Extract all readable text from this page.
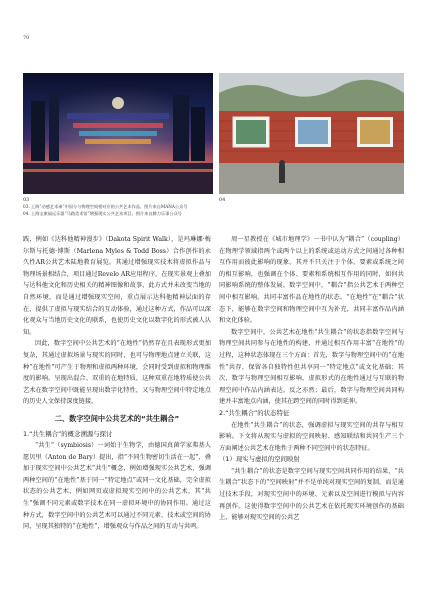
70
03	04
03. 上海“动感艺术乘”中国分与物理空间相对应的公共艺术作品。图片来自MANA公众号
04. 上海宝康福远乐器“马路美术馆”增强现实公共艺术项目。图片来自腾力乐事公众号

践，例如《达科他精神漫步》（Dakota Spirit Walk），是玛琳娜·梅尔斯与托德·博斯（Marlena Myles & Todd Boss）合作创作的永久性AR公共艺术陆地教育展览。其通过增强现实技术将虚拟作品与物理场景相结合，项目通过Revelo AR应用程序，在现实景观上叠加与达科他文化和历史相关的精神图像和故事，此方式并未改变当地的自然环境，而是通过增强现实空间，重点展示达科他精神层面的存在，提供了虚拟与现实结合的互动体验，通过这种方式，作品可以深化观众与当地历史文化的联系，也使历史文化以数字化的形式被人认知。

因此，数字空间中公共艺术的“在地性”仍然存在且表现形式更加复杂，其通过虚拟场景与现实的同时，也可与物理地点建立关联，这种“在地性”可产生于物理和虚拟两种环境，会同时受到虚拟和物理维度的影响。呈现出混合、双重的在地特质，这种双重在地特质使公共艺术在数字空间中既能呈现出数字化特性，又与物理空间中特定地点的历史人文保持深度链接。

二、数字空间中公共艺术的“共生耦合”

1.“共生耦合”的概念溯源与探讨

“共生”（symbiosis）一词始于生物学，由德国真菌学家弗基人愿贝里（Anton de Bary）提出，指“不同生物密切生活在一起”，叠加于现实空间中公共艺术“共生”概念，例如增强现实公共艺术，强调两种空间的“在地性”基于同一“特定地点”或同一文化基础，完全虚拟状态的公共艺术，例如网页或虚拟现实空间中的公共艺术，其“共生”强调不同元素或数字技术在同一虚拟环境中的协同作用。通过这种方式，数字空间中的公共艺术可以通过不同元素、技术或空间的协同，呈现其独特的“在地性”，增强观众与作品之间的互动与共鸣。

周一星教授在《城市地理学》一书中认为“耦合”（coupling）在物理学领域指两个或两个以上的系统或运动方式之间通过各种相互作用而彼此影响的现象。其并不只关注于个体，要素或系统之间的相互影响，也强调在个体、要素和系统相互作用的同时，如何共同影响系统的整体发展。数字空间中，“耦合”指公共艺术于两种空间中相互影响。共同丰富作品在地性的状态。“在地性”在“耦合”状态下，能够在数字空间和物理空间中互为补充，共同丰富作品内涵和文化体验。

数字空间中，公共艺术在地性“共生耦合”的状态指数字空间与物理空间共同参与在地性的构建，并通过相互作用丰富“在地性”的过程，这种状态体现在三个方面：首先，数字与物理空间中的“在地性”共存，保留各自独特性但共享同一“特定地点”或文化基础；其次，数字与物理空间相互影响，虚拟形式的在地性通过与互联的物理空间中作品内涵表达。反之亦然；最后，数字与物理空间共同构建并丰富地点内涵，使其在跨空间的同时得到延伸。

2.“共生耦合”的状态特征

在地性“共生耦合”的状态，强调虚拟与现实空间的共存与相互影响。下文将从现实与虚拟的空间映射、感知联结和共同生产三个方面阐述公共艺术在地性于两种不同空间中的状态特征。

（1）现实与虚拟的空间映射

“共生耦合”的状态是数字空间与现实空间共同作用的结果，“共生耦合”状态下的“空间映射”并不是单纯对现实空间的复制，而是通过技术手段，对现实空间中的环境、元素以及空间进行模拟与内容再创作。这使得数字空间中的公共艺术在依托现实环境创作的基础上，能够对现实空间的公共艺
